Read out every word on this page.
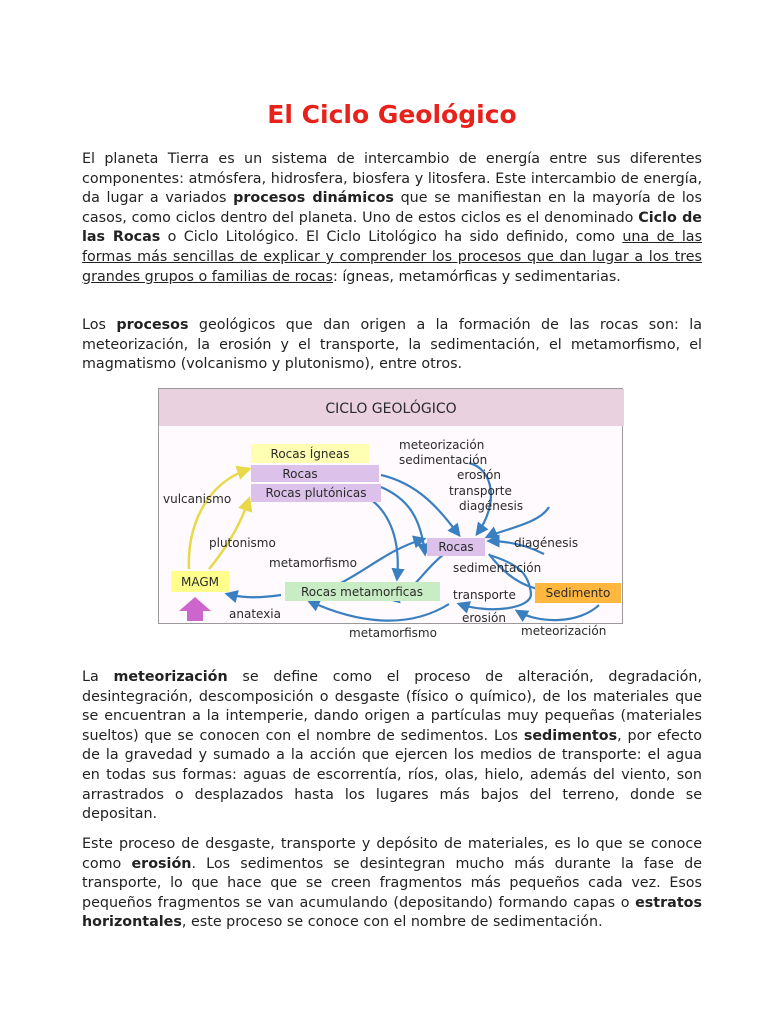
El Ciclo Geológico

El planeta Tierra es un sistema de intercambio de energía entre sus diferentes componentes: atmósfera, hidrosfera, biosfera y litosfera. Este intercambio de energía, da lugar a variados procesos dinámicos que se manifiestan en la mayoría de los casos, como ciclos dentro del planeta. Uno de estos ciclos es el denominado Ciclo de las Rocas o Ciclo Litológico. El Ciclo Litológico ha sido definido, como una de las formas más sencillas de explicar y comprender los procesos que dan lugar a los tres grandes grupos o familias de rocas: ígneas, metamórficas y sedimentarias.

Los procesos geológicos que dan origen a la formación de las rocas son: la meteorización, la erosión y el transporte, la sedimentación, el metamorfismo, el magmatismo (volcanismo y plutonismo), entre otros.

CICLO GEOLÓGICO
Rocas Ígneas
Rocas
Rocas plutónicas
MAGM
Rocas metamorficas
Rocas
Sedimento
meteorización
sedimentación
erosión
transporte
diagénesis
vulcanismo
plutonismo
metamorfismo
anatexia
diagénesis
sedimentación
transporte
erosión
metamorfismo	meteorización

La meteorización se define como el proceso de alteración, degradación, desintegración, descomposición o desgaste (físico o químico), de los materiales que se encuentran a la intemperie, dando origen a partículas muy pequeñas (materiales sueltos) que se conocen con el nombre de sedimentos. Los sedimentos, por efecto de la gravedad y sumado a la acción que ejercen los medios de transporte: el agua en todas sus formas: aguas de escorrentía, ríos, olas, hielo, además del viento, son arrastrados o desplazados hasta los lugares más bajos del terreno, donde se depositan.

Este proceso de desgaste, transporte y depósito de materiales, es lo que se conoce como erosión. Los sedimentos se desintegran mucho más durante la fase de transporte, lo que hace que se creen fragmentos más pequeños cada vez. Esos pequeños fragmentos se van acumulando (depositando) formando capas o estratos horizontales, este proceso se conoce con el nombre de sedimentación.
